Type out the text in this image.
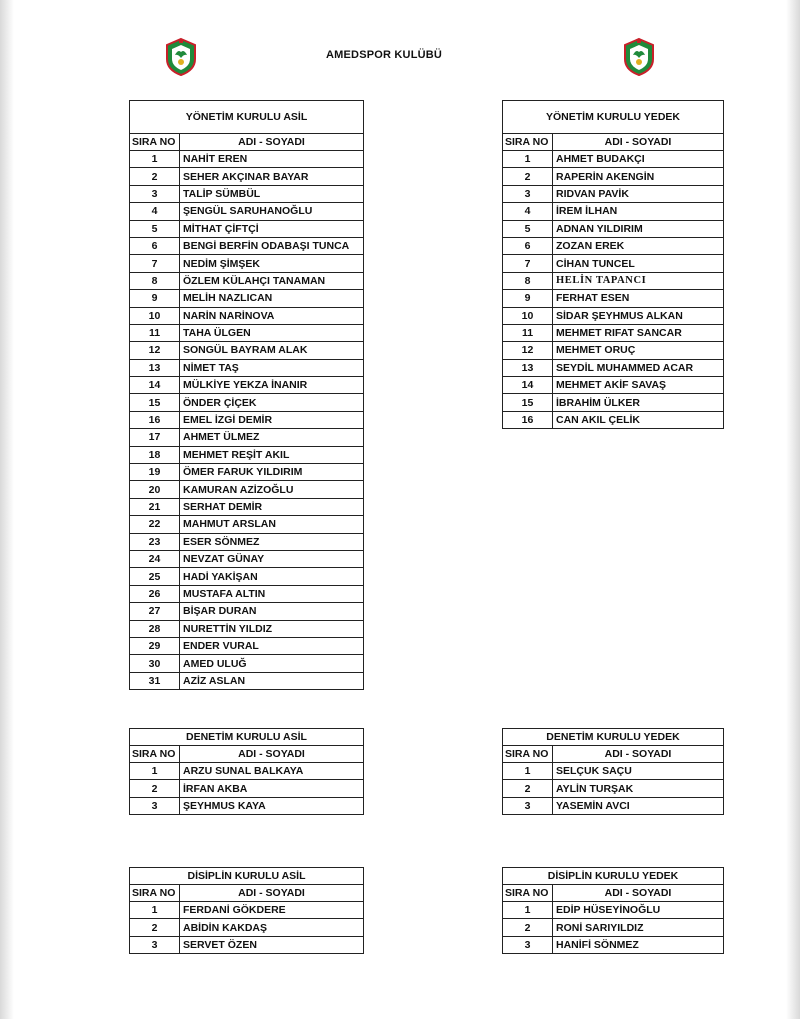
AMEDSPOR KULÜBÜ
YÖNETİM KURULU ASİL	
SIRA NO	ADI - SOYADI
1	NAHİT EREN
2	SEHER AKÇINAR BAYAR
3	TALİP SÜMBÜL
4	ŞENGÜL SARUHANOĞLU
5	MİTHAT ÇİFTÇİ
6	BENGİ BERFİN ODABAŞI TUNCA
7	NEDİM ŞİMŞEK
8	ÖZLEM KÜLAHÇI TANAMAN
9	MELİH NAZLICAN
10	NARİN NARİNOVA
11	TAHA ÜLGEN
12	SONGÜL BAYRAM ALAK
13	NİMET TAŞ
14	MÜLKİYE YEKZA İNANIR
15	ÖNDER ÇİÇEK
16	EMEL İZGİ DEMİR
17	AHMET ÜLMEZ
18	MEHMET REŞİT AKIL
19	ÖMER FARUK YILDIRIM
20	KAMURAN AZİZOĞLU
21	SERHAT DEMİR
22	MAHMUT ARSLAN
23	ESER SÖNMEZ
24	NEVZAT GÜNAY
25	HADİ YAKİŞAN
26	MUSTAFA ALTIN
27	BİŞAR DURAN
28	NURETTİN YILDIZ
29	ENDER VURAL
30	AMED ULUĞ
31	AZİZ ASLAN
YÖNETİM KURULU YEDEK	
SIRA NO	ADI - SOYADI
1	AHMET BUDAKÇI
2	RAPERİN AKENGİN
3	RIDVAN PAVİK
4	İREM İLHAN
5	ADNAN YILDIRIM
6	ZOZAN EREK
7	CİHAN TUNCEL
8	HELİN TAPANCI
9	FERHAT ESEN
10	SİDAR ŞEYHMUS ALKAN
11	MEHMET RIFAT SANCAR
12	MEHMET ORUÇ
13	SEYDİL MUHAMMED ACAR
14	MEHMET AKİF SAVAŞ
15	İBRAHİM ÜLKER
16	CAN AKIL ÇELİK
DENETİM KURULU ASİL	
SIRA NO	ADI - SOYADI
1	ARZU SUNAL BALKAYA
2	İRFAN AKBA
3	ŞEYHMUS KAYA
DENETİM KURULU YEDEK	
SIRA NO	ADI - SOYADI
1	SELÇUK SAÇU
2	AYLİN TURŞAK
3	YASEMİN AVCI
DİSİPLİN KURULU ASİL	
SIRA NO	ADI - SOYADI
1	FERDANİ GÖKDERE
2	ABİDİN KAKDAŞ
3	SERVET ÖZEN
DİSİPLİN KURULU YEDEK	
SIRA NO	ADI - SOYADI
1	EDİP HÜSEYİNOĞLU
2	RONİ SARIYILDIZ
3	HANİFİ SÖNMEZ
